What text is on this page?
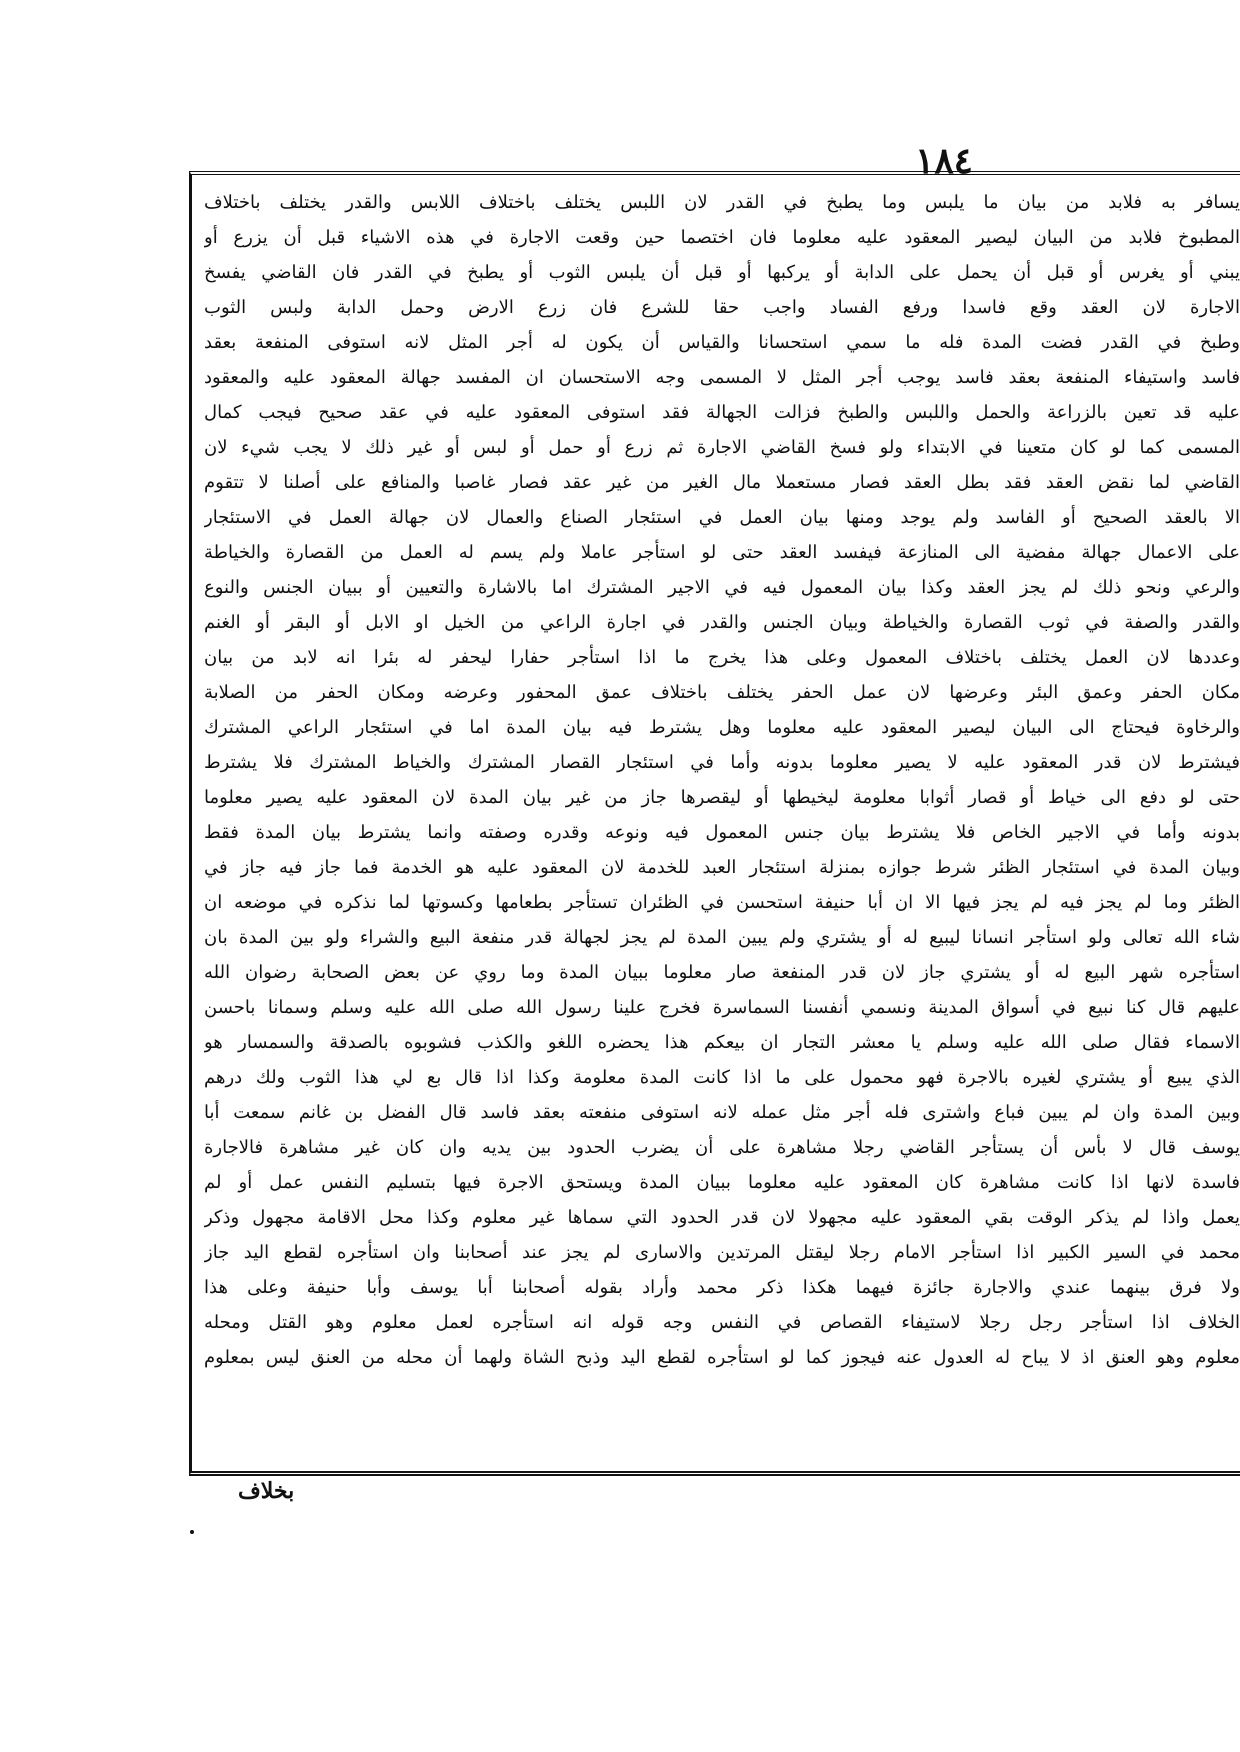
١٨٤
يسافر به فلابد من بيان ما يلبس وما يطبخ في القدر لان اللبس يختلف باختلاف اللابس والقدر يختلف باختلاف
المطبوخ فلابد من البيان ليصير المعقود عليه معلوما فان اختصما حين وقعت الاجارة في هذه الاشياء قبل أن يزرع أو
يبني أو يغرس أو قبل أن يحمل على الدابة أو يركبها أو قبل أن يلبس الثوب أو يطبخ في القدر فان القاضي يفسخ
الاجارة لان العقد وقع فاسدا ورفع الفساد واجب حقا للشرع فان زرع الارض وحمل الدابة ولبس الثوب
وطبخ في القدر فضت المدة فله ما سمي استحسانا والقياس أن يكون له أجر المثل لانه استوفى المنفعة بعقد
فاسد واستيفاء المنفعة بعقد فاسد يوجب أجر المثل لا المسمى وجه الاستحسان ان المفسد جهالة المعقود عليه والمعقود
عليه قد تعين بالزراعة والحمل واللبس والطبخ فزالت الجهالة فقد استوفى المعقود عليه في عقد صحيح فيجب كمال
المسمى كما لو كان متعينا في الابتداء ولو فسخ القاضي الاجارة ثم زرع أو حمل أو لبس أو غير ذلك لا يجب شيء لان
القاضي لما نقض العقد فقد بطل العقد فصار مستعملا مال الغير من غير عقد فصار غاصبا والمنافع على أصلنا لا تتقوم
الا بالعقد الصحيح أو الفاسد ولم يوجد ومنها بيان العمل في استئجار الصناع والعمال لان جهالة العمل في الاستئجار
على الاعمال جهالة مفضية الى المنازعة فيفسد العقد حتى لو استأجر عاملا ولم يسم له العمل من القصارة والخياطة
والرعي ونحو ذلك لم يجز العقد وكذا بيان المعمول فيه في الاجير المشترك اما بالاشارة والتعيين أو ببيان الجنس والنوع
والقدر والصفة في ثوب القصارة والخياطة وبيان الجنس والقدر في اجارة الراعي من الخيل او الابل أو البقر أو الغنم
وعددها لان العمل يختلف باختلاف المعمول وعلى هذا يخرج ما اذا استأجر حفارا ليحفر له بئرا انه لابد من بيان
مكان الحفر وعمق البئر وعرضها لان عمل الحفر يختلف باختلاف عمق المحفور وعرضه ومكان الحفر من الصلابة
والرخاوة فيحتاج الى البيان ليصير المعقود عليه معلوما وهل يشترط فيه بيان المدة اما في استئجار الراعي المشترك
فيشترط لان قدر المعقود عليه لا يصير معلوما بدونه وأما في استئجار القصار المشترك والخياط المشترك فلا يشترط
حتى لو دفع الى خياط أو قصار أثوابا معلومة ليخيطها أو ليقصرها جاز من غير بيان المدة لان المعقود عليه يصير معلوما
بدونه وأما في الاجير الخاص فلا يشترط بيان جنس المعمول فيه ونوعه وقدره وصفته وانما يشترط بيان المدة فقط
وبيان المدة في استئجار الظئر شرط جوازه بمنزلة استئجار العبد للخدمة لان المعقود عليه هو الخدمة فما جاز فيه جاز في
الظئر وما لم يجز فيه لم يجز فيها الا ان أبا حنيفة استحسن في الظئران تستأجر بطعامها وكسوتها لما نذكره في موضعه ان
شاء الله تعالى ولو استأجر انسانا ليبيع له أو يشتري ولم يبين المدة لم يجز لجهالة قدر منفعة البيع والشراء ولو بين المدة بان
استأجره شهر البيع له أو يشتري جاز لان قدر المنفعة صار معلوما ببيان المدة وما روي عن بعض الصحابة رضوان الله
عليهم قال كنا نبيع في أسواق المدينة ونسمي أنفسنا السماسرة فخرج علينا رسول الله صلى الله عليه وسلم وسمانا باحسن
الاسماء فقال صلى الله عليه وسلم يا معشر التجار ان بيعكم هذا يحضره اللغو والكذب فشوبوه بالصدقة والسمسار هو
الذي يبيع أو يشتري لغيره بالاجرة فهو محمول على ما اذا كانت المدة معلومة وكذا اذا قال بع لي هذا الثوب ولك درهم
وبين المدة وان لم يبين فباع واشترى فله أجر مثل عمله لانه استوفى منفعته بعقد فاسد قال الفضل بن غانم سمعت أبا
يوسف قال لا بأس أن يستأجر القاضي رجلا مشاهرة على أن يضرب الحدود بين يديه وان كان غير مشاهرة فالاجارة
فاسدة لانها اذا كانت مشاهرة كان المعقود عليه معلوما ببيان المدة ويستحق الاجرة فيها بتسليم النفس عمل أو لم
يعمل واذا لم يذكر الوقت بقي المعقود عليه مجهولا لان قدر الحدود التي سماها غير معلوم وكذا محل الاقامة مجهول وذكر
محمد في السير الكبير اذا استأجر الامام رجلا ليقتل المرتدين والاسارى لم يجز عند أصحابنا وان استأجره لقطع اليد جاز
ولا فرق بينهما عندي والاجارة جائزة فيهما هكذا ذكر محمد وأراد بقوله أصحابنا أبا يوسف وأبا حنيفة وعلى هذا
الخلاف اذا استأجر رجل رجلا لاستيفاء القصاص في النفس وجه قوله انه استأجره لعمل معلوم وهو القتل ومحله
معلوم وهو العنق اذ لا يباح له العدول عنه فيجوز كما لو استأجره لقطع اليد وذبح الشاة ولهما أن محله من العنق ليس بمعلوم
بخلاف
